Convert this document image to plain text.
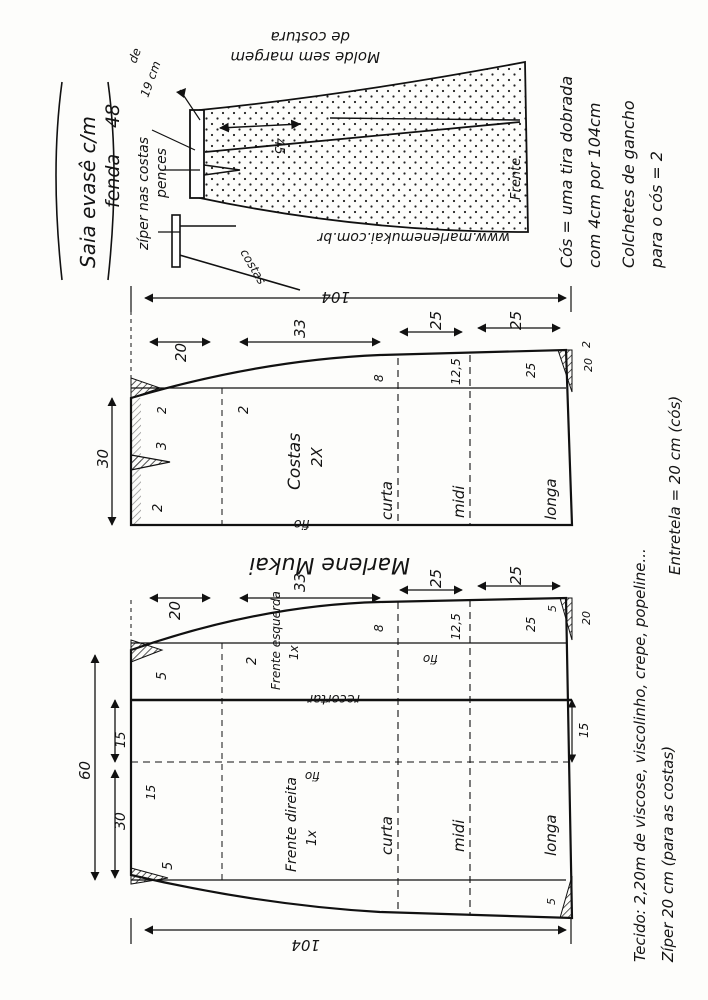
Saia evasê c/m fenda
48
zíper nas costas pences
costas
Frente
19 cm
de
45
www.marlenemukai.com.br
Molde sem margem
de costura
Cós = uma tira dobrada com 4cm por 104cm Colchetes de gancho para o cós = 2
104
30
20
33	25	25
3
2
2	2
8	12,5	25	20
2
Costas 2X
fio
curta	midi	longa
Marlene Mukai
104
60
30
15
15
15
20
33	25	25
5
5
2
8	12,5	25	20
5
5
Frente esquerda 1x
Frente direita 1x
recortar
fio
fio
curta	midi	longa	Tecido: 2,20m de viscose, viscolinho, crepe, popeline... Zíper 20 cm (para as costas)
Entretela = 20 cm (cós)
